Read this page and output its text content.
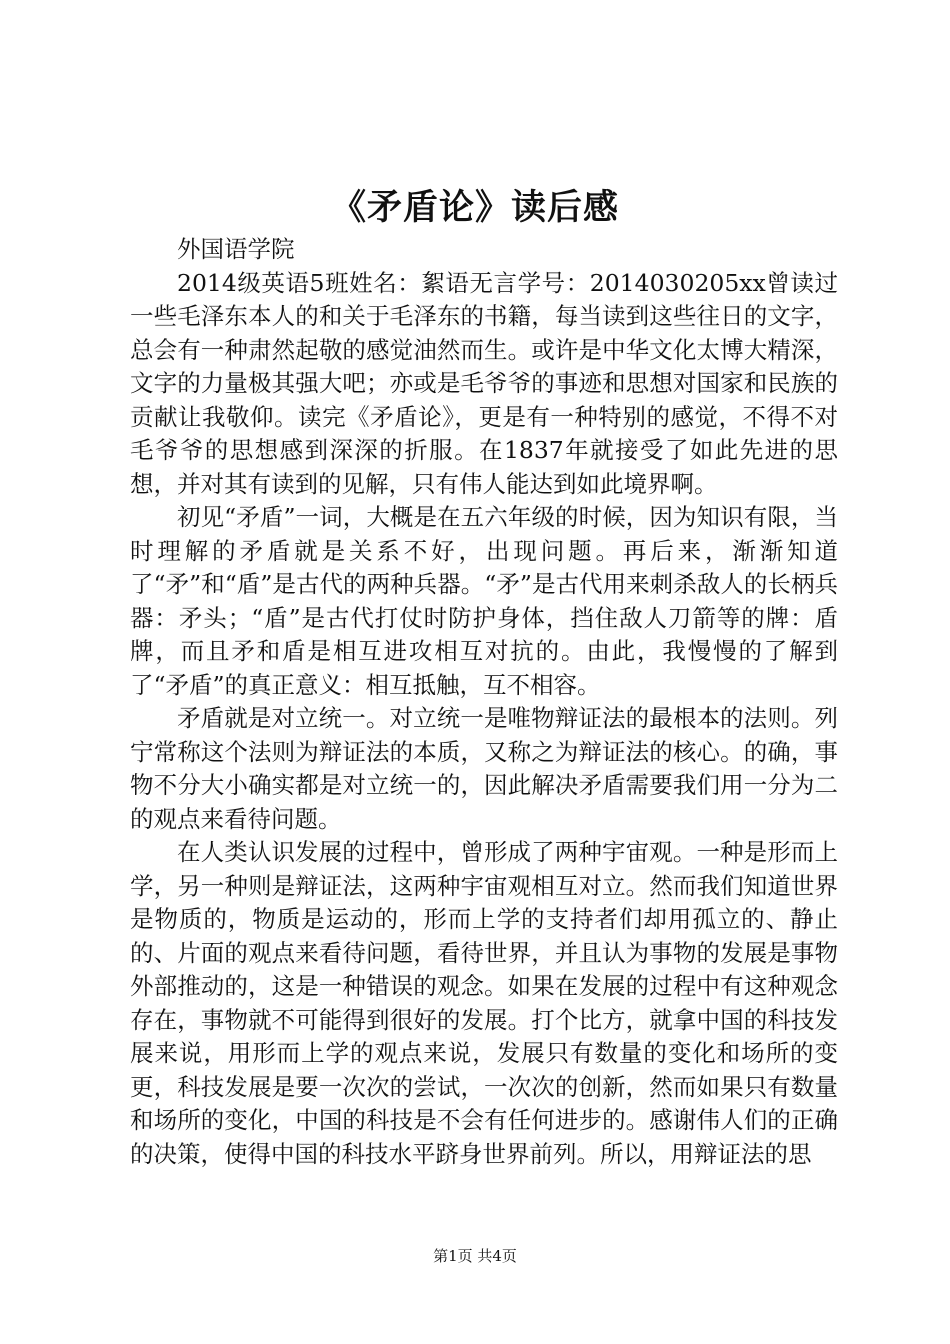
《矛盾论》读后感

外国语学院

2014级英语5班姓名：絮语无言学号：2014030205xx曾读过一些毛泽东本人的和关于毛泽东的书籍，每当读到这些往日的文字，总会有一种肃然起敬的感觉油然而生。或许是中华文化太博大精深，文字的力量极其强大吧；亦或是毛爷爷的事迹和思想对国家和民族的贡献让我敬仰。读完《矛盾论》，更是有一种特别的感觉，不得不对毛爷爷的思想感到深深的折服。在1837年就接受了如此先进的思想，并对其有读到的见解，只有伟人能达到如此境界啊。

初见“矛盾”一词，大概是在五六年级的时候，因为知识有限，当时理解的矛盾就是关系不好，出现问题。再后来，渐渐知道了“矛”和“盾”是古代的两种兵器。“矛”是古代用来刺杀敌人的长柄兵器：矛头；“盾”是古代打仗时防护身体，挡住敌人刀箭等的牌：盾牌，而且矛和盾是相互进攻相互对抗的。由此，我慢慢的了解到了“矛盾”的真正意义：相互抵触，互不相容。

矛盾就是对立统一。对立统一是唯物辩证法的最根本的法则。列宁常称这个法则为辩证法的本质，又称之为辩证法的核心。的确，事物不分大小确实都是对立统一的，因此解决矛盾需要我们用一分为二的观点来看待问题。

在人类认识发展的过程中，曾形成了两种宇宙观。一种是形而上学，另一种则是辩证法，这两种宇宙观相互对立。然而我们知道世界是物质的，物质是运动的，形而上学的支持者们却用孤立的、静止的、片面的观点来看待问题，看待世界，并且认为事物的发展是事物外部推动的，这是一种错误的观念。如果在发展的过程中有这种观念存在，事物就不可能得到很好的发展。打个比方，就拿中国的科技发展来说，用形而上学的观点来说，发展只有数量的变化和场所的变更，科技发展是要一次次的尝试，一次次的创新，然而如果只有数量和场所的变化，中国的科技是不会有任何进步的。感谢伟人们的正确的决策，使得中国的科技水平跻身世界前列。所以，用辩证法的思

第1页 共4页
